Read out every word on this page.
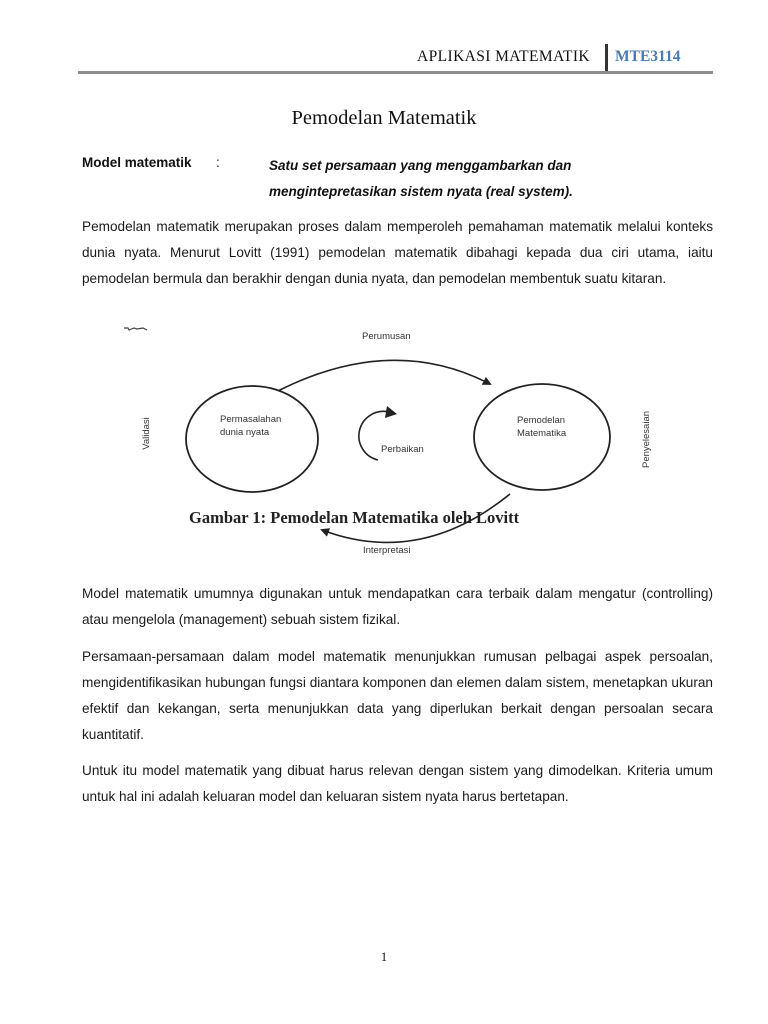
APLIKASI MATEMATIK MTE3114
Pemodelan Matematik
Model matematik :	Satu set persamaan yang menggambarkan dan
mengintepretasikan sistem nyata (real system).

Pemodelan matematik merupakan proses dalam memperoleh pemahaman matematik melalui konteks dunia nyata. Menurut Lovitt (1991) pemodelan matematik dibahagi kepada dua ciri utama, iaitu pemodelan bermula dan berakhir dengan dunia nyata, dan pemodelan membentuk suatu kitaran.

Perumusan
Interpretasi
Validasi	Penyelesaian
Permasalahan
dunia nyata
Pemodelan
Matematika
Perbaikan
Gambar 1: Pemodelan Matematika oleh Lovitt

Model matematik umumnya digunakan untuk mendapatkan cara terbaik dalam mengatur (controlling) atau mengelola (management) sebuah sistem fizikal.

Persamaan-persamaan dalam model matematik menunjukkan rumusan pelbagai aspek persoalan, mengidentifikasikan hubungan fungsi diantara komponen dan elemen dalam sistem, menetapkan ukuran efektif dan kekangan, serta menunjukkan data yang diperlukan berkait dengan persoalan secara kuantitatif.

Untuk itu model matematik yang dibuat harus relevan dengan sistem yang dimodelkan. Kriteria umum untuk hal ini adalah keluaran model dan keluaran sistem nyata harus bertetapan.

1
